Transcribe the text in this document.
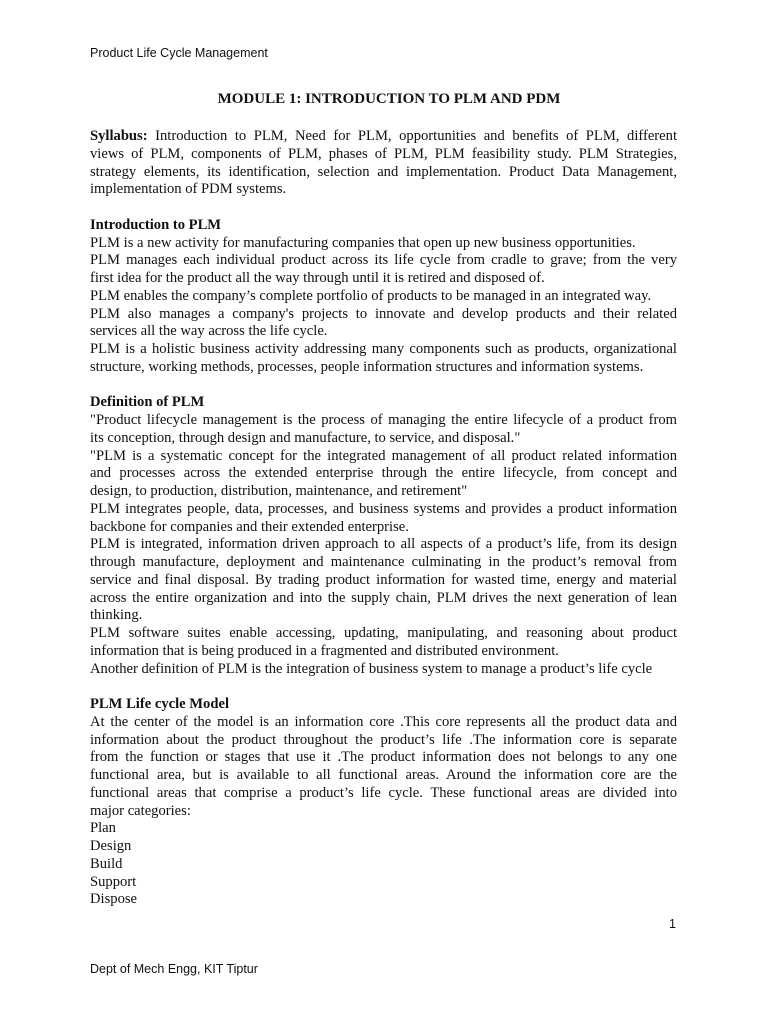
Product Life Cycle Management
MODULE 1: INTRODUCTION TO PLM AND PDM
Syllabus: Introduction to PLM, Need for PLM, opportunities and benefits of PLM, different
views of PLM, components of PLM, phases of PLM, PLM feasibility study. PLM Strategies,
strategy elements, its identification, selection and implementation. Product Data Management,
implementation of PDM systems.
Introduction to PLM
PLM is a new activity for manufacturing companies that open up new business opportunities.
PLM manages each individual product across its life cycle from cradle to grave; from the very
first idea for the product all the way through until it is retired and disposed of.
PLM enables the company’s complete portfolio of products to be managed in an integrated way.
PLM also manages a company's projects to innovate and develop products and their related
services all the way across the life cycle.
PLM is a holistic business activity addressing many components such as products, organizational
structure, working methods, processes, people information structures and information systems.
Definition of PLM
"Product lifecycle management is the process of managing the entire lifecycle of a product from
its conception, through design and manufacture, to service, and disposal."
"PLM is a systematic concept for the integrated management of all product related information
and processes across the extended enterprise through the entire lifecycle, from concept and
design, to production, distribution, maintenance, and retirement"
PLM integrates people, data, processes, and business systems and provides a product information
backbone for companies and their extended enterprise.
PLM is integrated, information driven approach to all aspects of a product’s life, from its design
through manufacture, deployment and maintenance culminating in the product’s removal from
service and final disposal. By trading product information for wasted time, energy and material
across the entire organization and into the supply chain, PLM drives the next generation of lean
thinking.
PLM software suites enable accessing, updating, manipulating, and reasoning about product
information that is being produced in a fragmented and distributed environment.
Another definition of PLM is the integration of business system to manage a product’s life cycle
PLM Life cycle Model
At the center of the model is an information core .This core represents all the product data and
information about the product throughout the product’s life .The information core is separate
from the function or stages that use it .The product information does not belongs to any one
functional area, but is available to all functional areas. Around the information core are the
functional areas that comprise a product’s life cycle. These functional areas are divided into
major categories:
Plan
Design
Build
Support
Dispose
1
Dept of Mech Engg, KIT Tiptur
